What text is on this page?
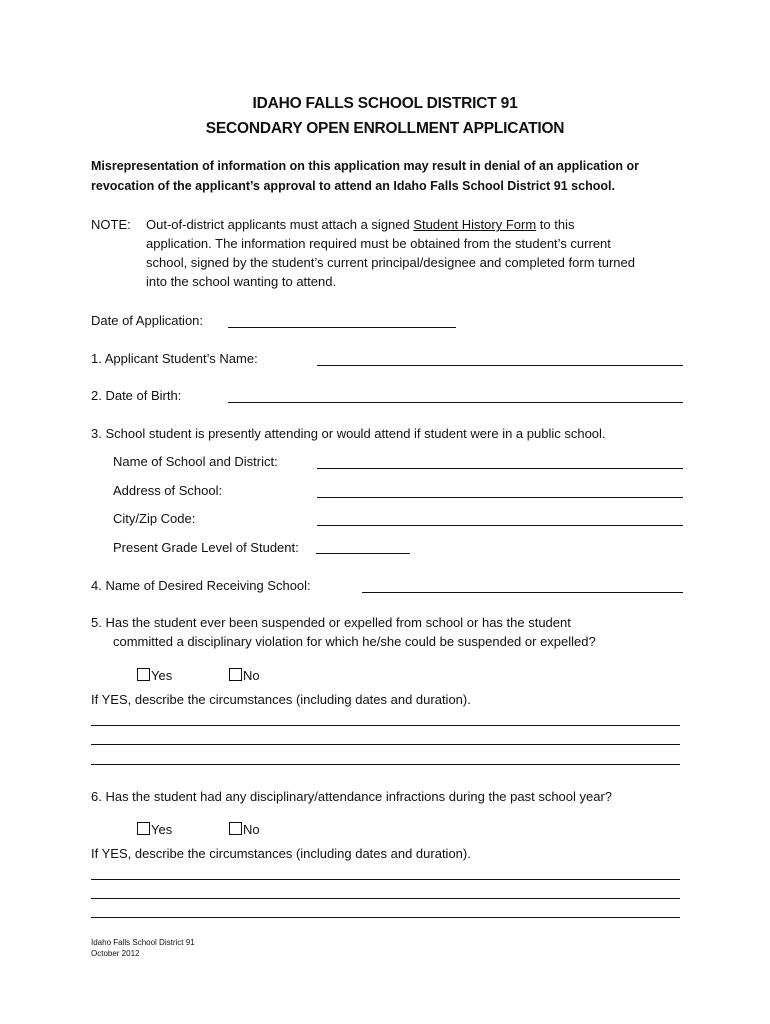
IDAHO FALLS SCHOOL DISTRICT 91
SECONDARY OPEN ENROLLMENT APPLICATION
Misrepresentation of information on this application may result in denial of an application or
revocation of the applicant’s approval to attend an Idaho Falls School District 91 school.
NOTE: Out-of-district applicants must attach a signed Student History Form to this
application. The information required must be obtained from the student’s current
school, signed by the student’s current principal/designee and completed form turned
into the school wanting to attend.
Date of Application:
1. Applicant Student’s Name:
2. Date of Birth:
3. School student is presently attending or would attend if student were in a public school.
Name of School and District:
Address of School:
City/Zip Code:
Present Grade Level of Student:
4. Name of Desired Receiving School:
5. Has the student ever been suspended or expelled from school or has the student
committed a disciplinary violation for which he/she could be suspended or expelled?
Yes	No
If YES, describe the circumstances (including dates and duration).
6. Has the student had any disciplinary/attendance infractions during the past school year?
Yes	No
If YES, describe the circumstances (including dates and duration).
Idaho Falls School District 91
October 2012
